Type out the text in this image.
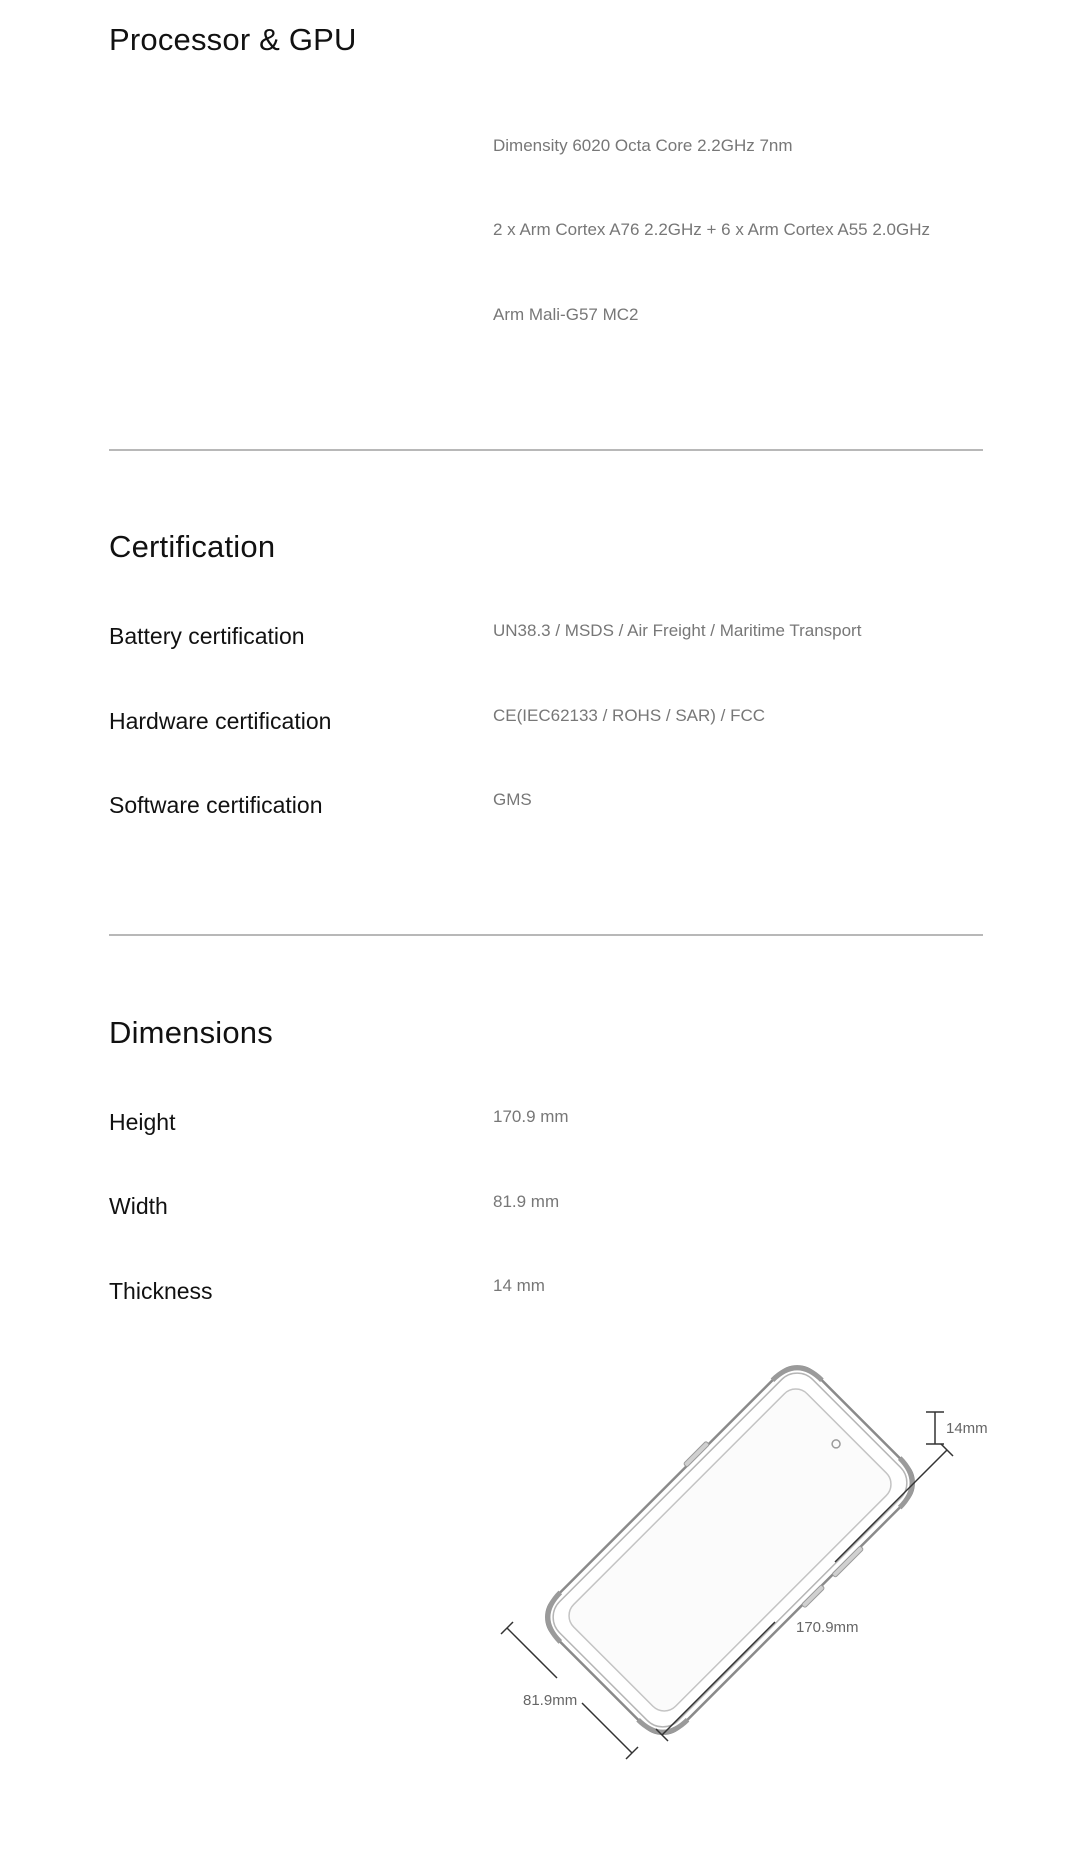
Processor & GPU

Dimensity 6020 Octa Core 2.2GHz 7nm

2 x Arm Cortex A76 2.2GHz + 6 x Arm Cortex A55 2.0GHz

Arm Mali-G57 MC2

Certification

Battery certification	UN38.3 / MSDS / Air Freight / Maritime Transport

Hardware certification	CE(IEC62133 / ROHS / SAR) / FCC

Software certification	GMS

Dimensions

Height	170.9 mm

Width	81.9 mm

Thickness	14 mm

14mm
170.9mm
81.9mm
